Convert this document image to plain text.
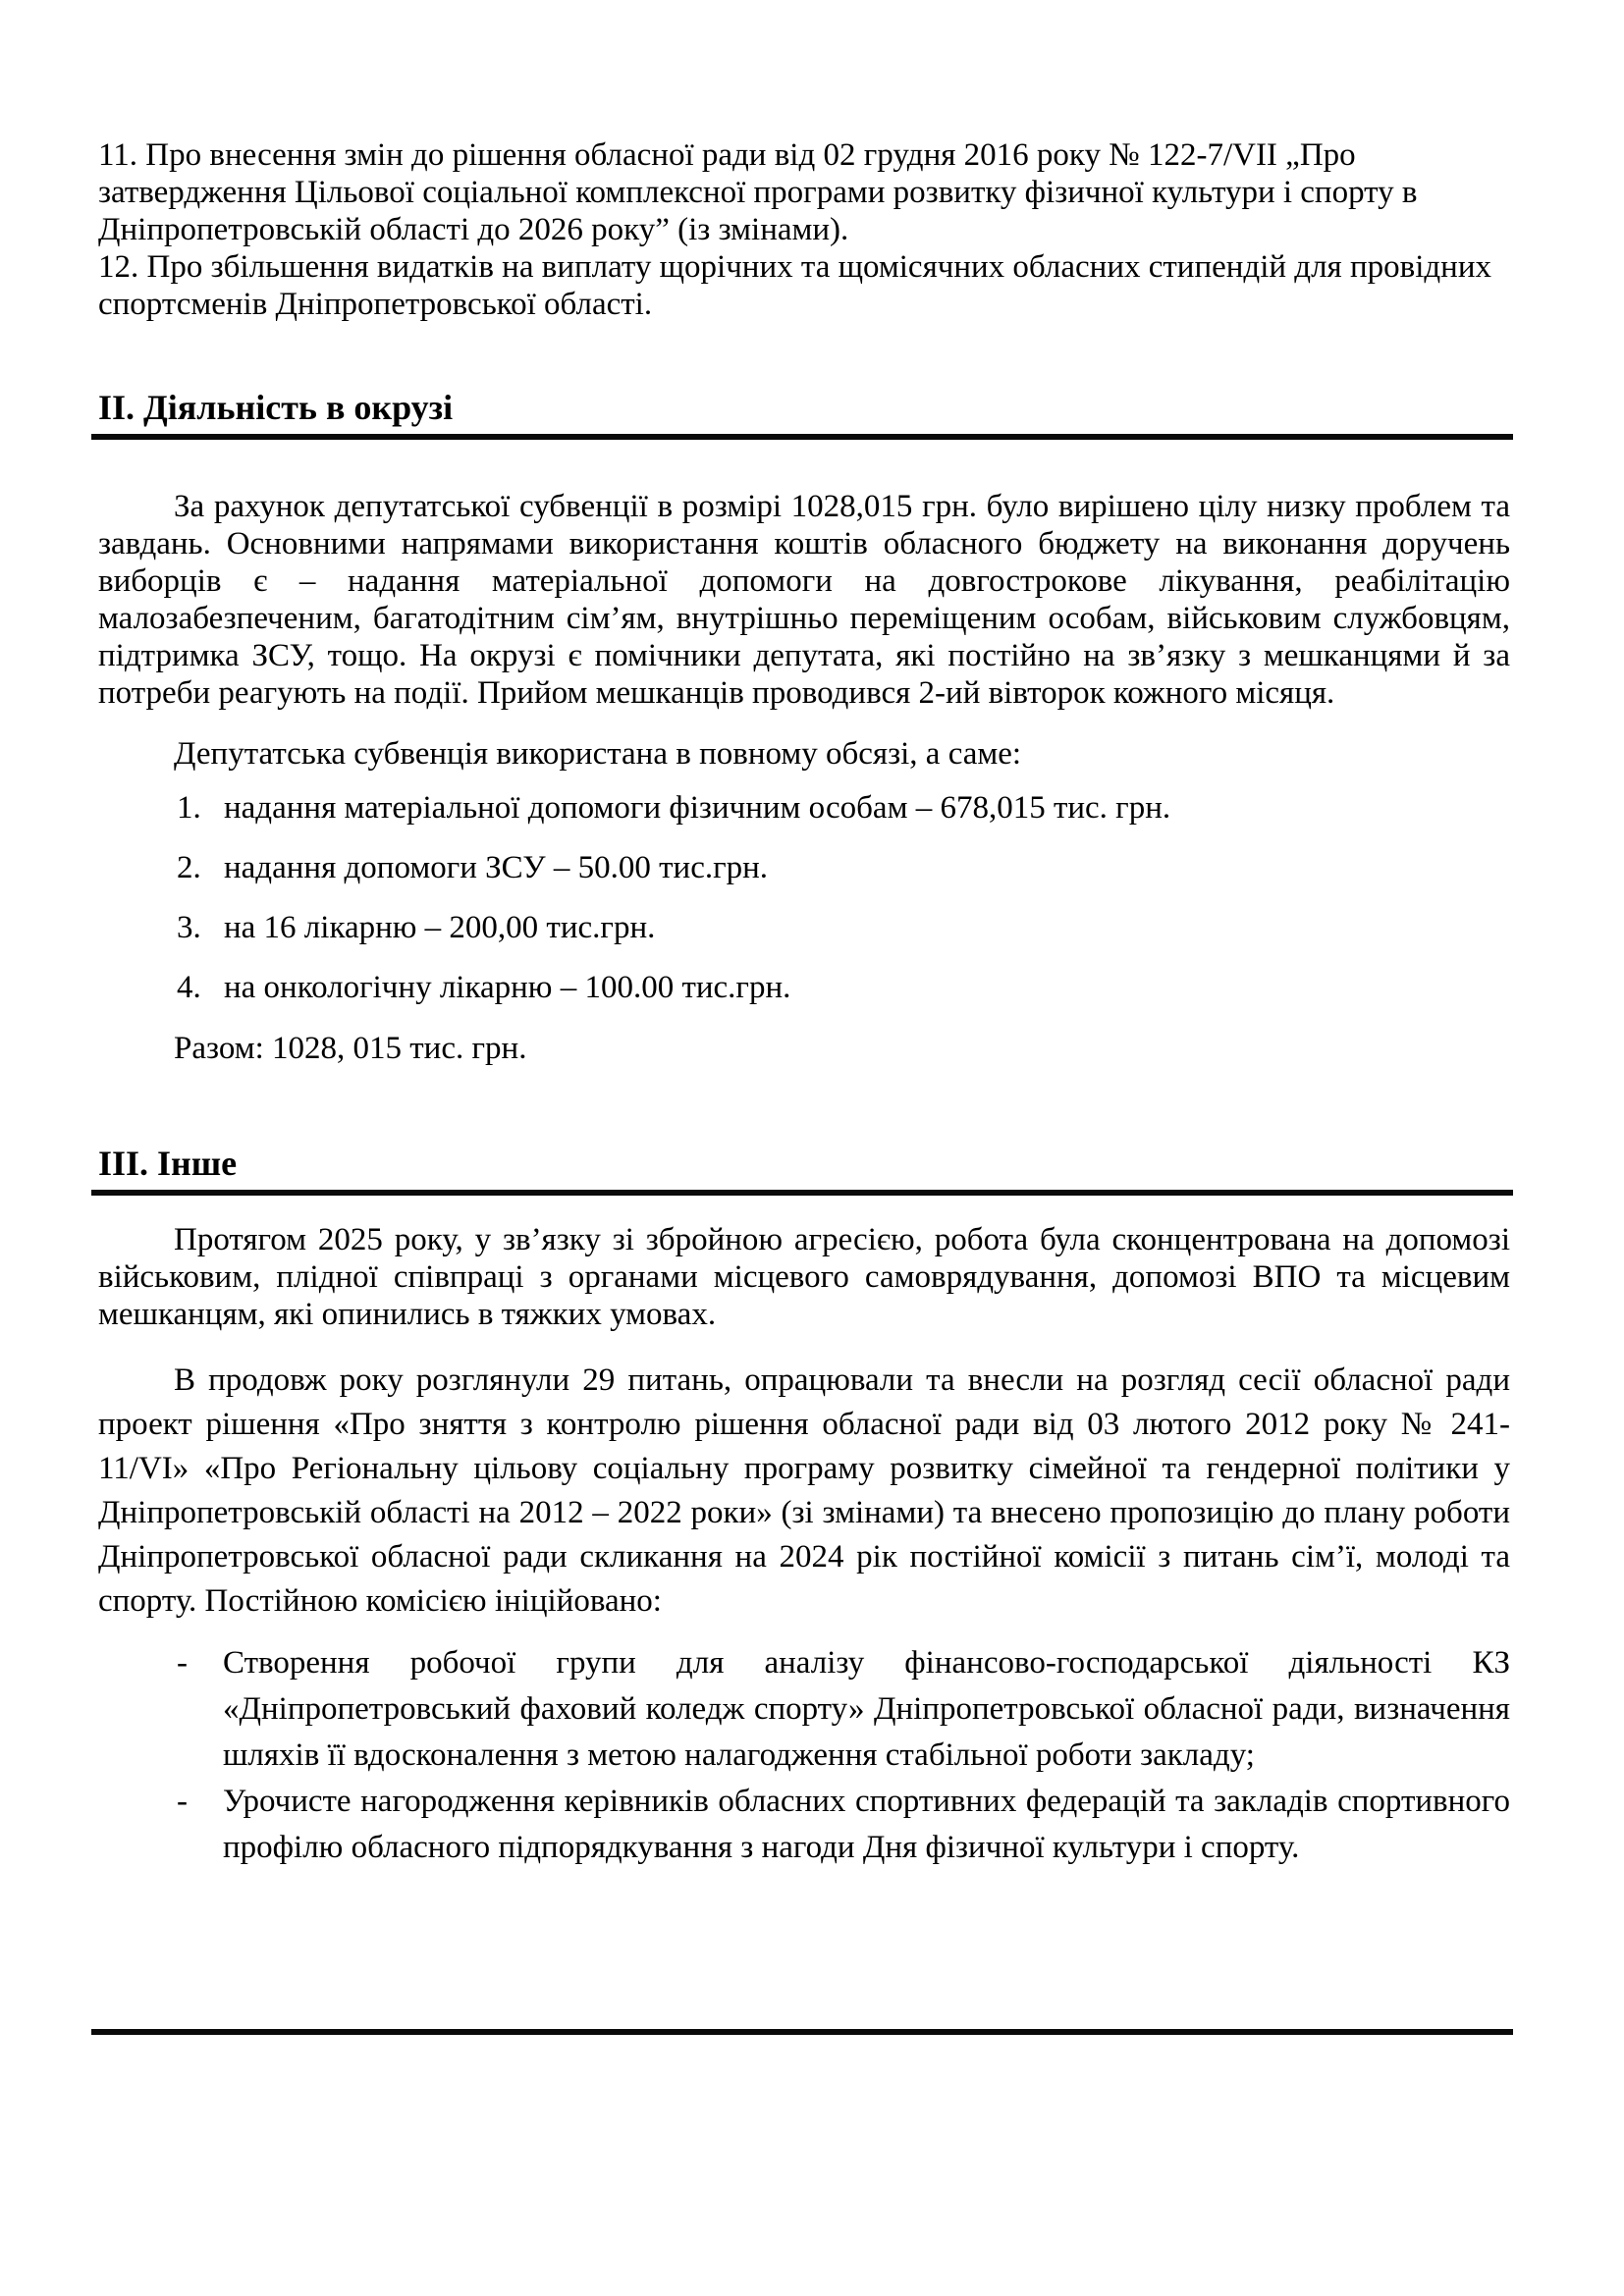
11. Про внесення змін до рішення обласної ради від 02 грудня 2016 року № 122-7/VII „Про затвердження Цільової соціальної комплексної програми розвитку фізичної культури і спорту в Дніпропетровській області до 2026 року” (із змінами).

12. Про збільшення видатків на виплату щорічних та щомісячних обласних стипендій для провідних спортсменів Дніпропетровської області.

ІІ. Діяльність в окрузі

За рахунок депутатської субвенції в розмірі 1028,015 грн. було вирішено цілу низку проблем та завдань. Основними напрямами використання коштів обласного бюджету на виконання доручень виборців є – надання матеріальної допомоги на довгострокове лікування, реабілітацію малозабезпеченим, багатодітним сім’ям, внутрішньо переміщеним особам, військовим службовцям, підтримка ЗСУ, тощо. На окрузі є помічники депутата, які постійно на зв’язку з мешканцями й за потреби реагують на події. Прийом мешканців проводився 2-ий вівторок кожного місяця.

Депутатська субвенція використана в повному обсязі, а саме:

1. надання матеріальної допомоги фізичним особам – 678,015 тис. грн.
2. надання допомоги ЗСУ – 50.00 тис.грн.
3. на 16 лікарню – 200,00 тис.грн.
4. на онкологічну лікарню – 100.00 тис.грн.

Разом: 1028, 015 тис. грн.

ІІІ. Інше

Протягом 2025 року, у зв’язку зі збройною агресією, робота була сконцентрована на допомозі військовим, плідної співпраці з органами місцевого самоврядування, допомозі ВПО та місцевим мешканцям, які опинились в тяжких умовах.

В продовж року розглянули 29 питань, опрацювали та внесли на розгляд сесії обласної ради проект рішення «Про зняття з контролю рішення обласної ради від 03 лютого 2012 року № 241-11/VI» «Про Регіональну цільову соціальну програму розвитку сімейної та гендерної політики у Дніпропетровській області на 2012 – 2022 роки» (зі змінами) та внесено пропозицію до плану роботи Дніпропетровської обласної ради скликання на 2024 рік постійної комісії з питань сім’ї, молоді та спорту. Постійною комісією ініційовано:

- Створення робочої групи для аналізу фінансово-господарської діяльності КЗ «Дніпропетровський фаховий коледж спорту» Дніпропетровської обласної ради, визначення шляхів її вдосконалення з метою налагодження стабільної роботи закладу;
- Урочисте нагородження керівників обласних спортивних федерацій та закладів спортивного профілю обласного підпорядкування з нагоди Дня фізичної культури і спорту.
